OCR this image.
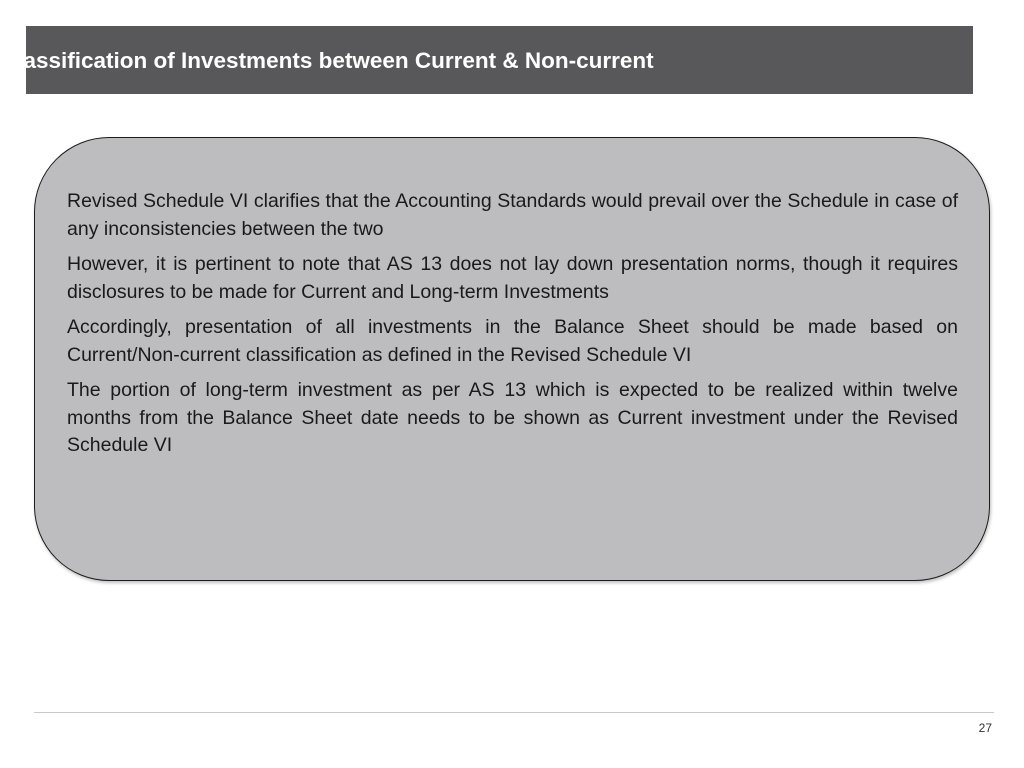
Classification of Investments between Current & Non-current

Revised Schedule VI clarifies that the Accounting Standards would prevail over the Schedule in case of any inconsistencies between the two

However, it is pertinent to note that AS 13 does not lay down presentation norms, though it requires disclosures to be made for Current and Long-term Investments

Accordingly, presentation of all investments in the Balance Sheet should be made based on Current/Non-current classification as defined in the Revised Schedule VI

The portion of long-term investment as per AS 13 which is expected to be realized within twelve months from the Balance Sheet date needs to be shown as Current investment under the Revised Schedule VI

27
